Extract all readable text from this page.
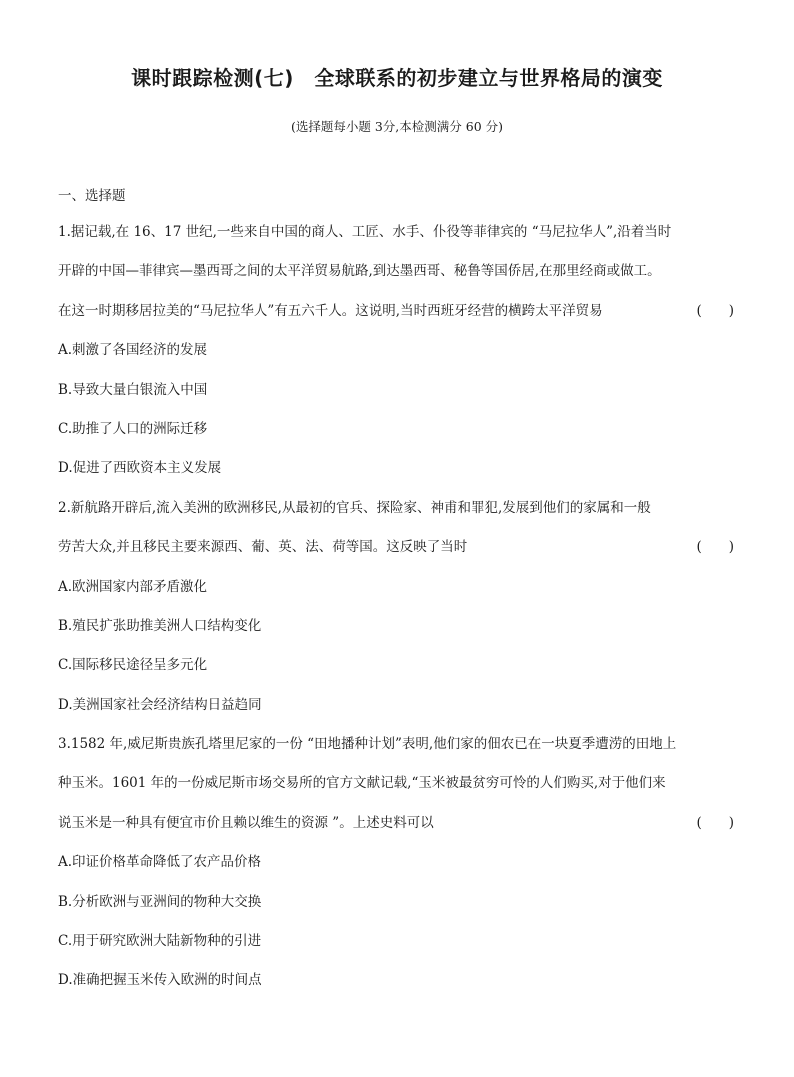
课时跟踪检测(七)　全球联系的初步建立与世界格局的演变
(选择题每小题 3分,本检测满分 60 分)
一、选择题
1.据记载,在 16、17 世纪,一些来自中国的商人、工匠、水手、仆役等菲律宾的 “马尼拉华人”,沿着当时
开辟的中国—菲律宾—墨西哥之间的太平洋贸易航路,到达墨西哥、秘鲁等国侨居,在那里经商或做工。
在这一时期移居拉美的“马尼拉华人”有五六千人。这说明,当时西班牙经营的横跨太平洋贸易	(　　)
A.刺激了各国经济的发展
B.导致大量白银流入中国
C.助推了人口的洲际迁移
D.促进了西欧资本主义发展
2.新航路开辟后,流入美洲的欧洲移民,从最初的官兵、探险家、神甫和罪犯,发展到他们的家属和一般
劳苦大众,并且移民主要来源西、葡、英、法、荷等国。这反映了当时	(　　)
A.欧洲国家内部矛盾激化
B.殖民扩张助推美洲人口结构变化
C.国际移民途径呈多元化
D.美洲国家社会经济结构日益趋同
3.1582 年,威尼斯贵族孔塔里尼家的一份 “田地播种计划”表明,他们家的佃农已在一块夏季遭涝的田地上
种玉米。1601 年的一份威尼斯市场交易所的官方文献记载,“玉米被最贫穷可怜的人们购买,对于他们来
说玉米是一种具有便宜市价且赖以维生的资源 ”。上述史料可以	(　　)
A.印证价格革命降低了农产品价格
B.分析欧洲与亚洲间的物种大交换
C.用于研究欧洲大陆新物种的引进
D.准确把握玉米传入欧洲的时间点
